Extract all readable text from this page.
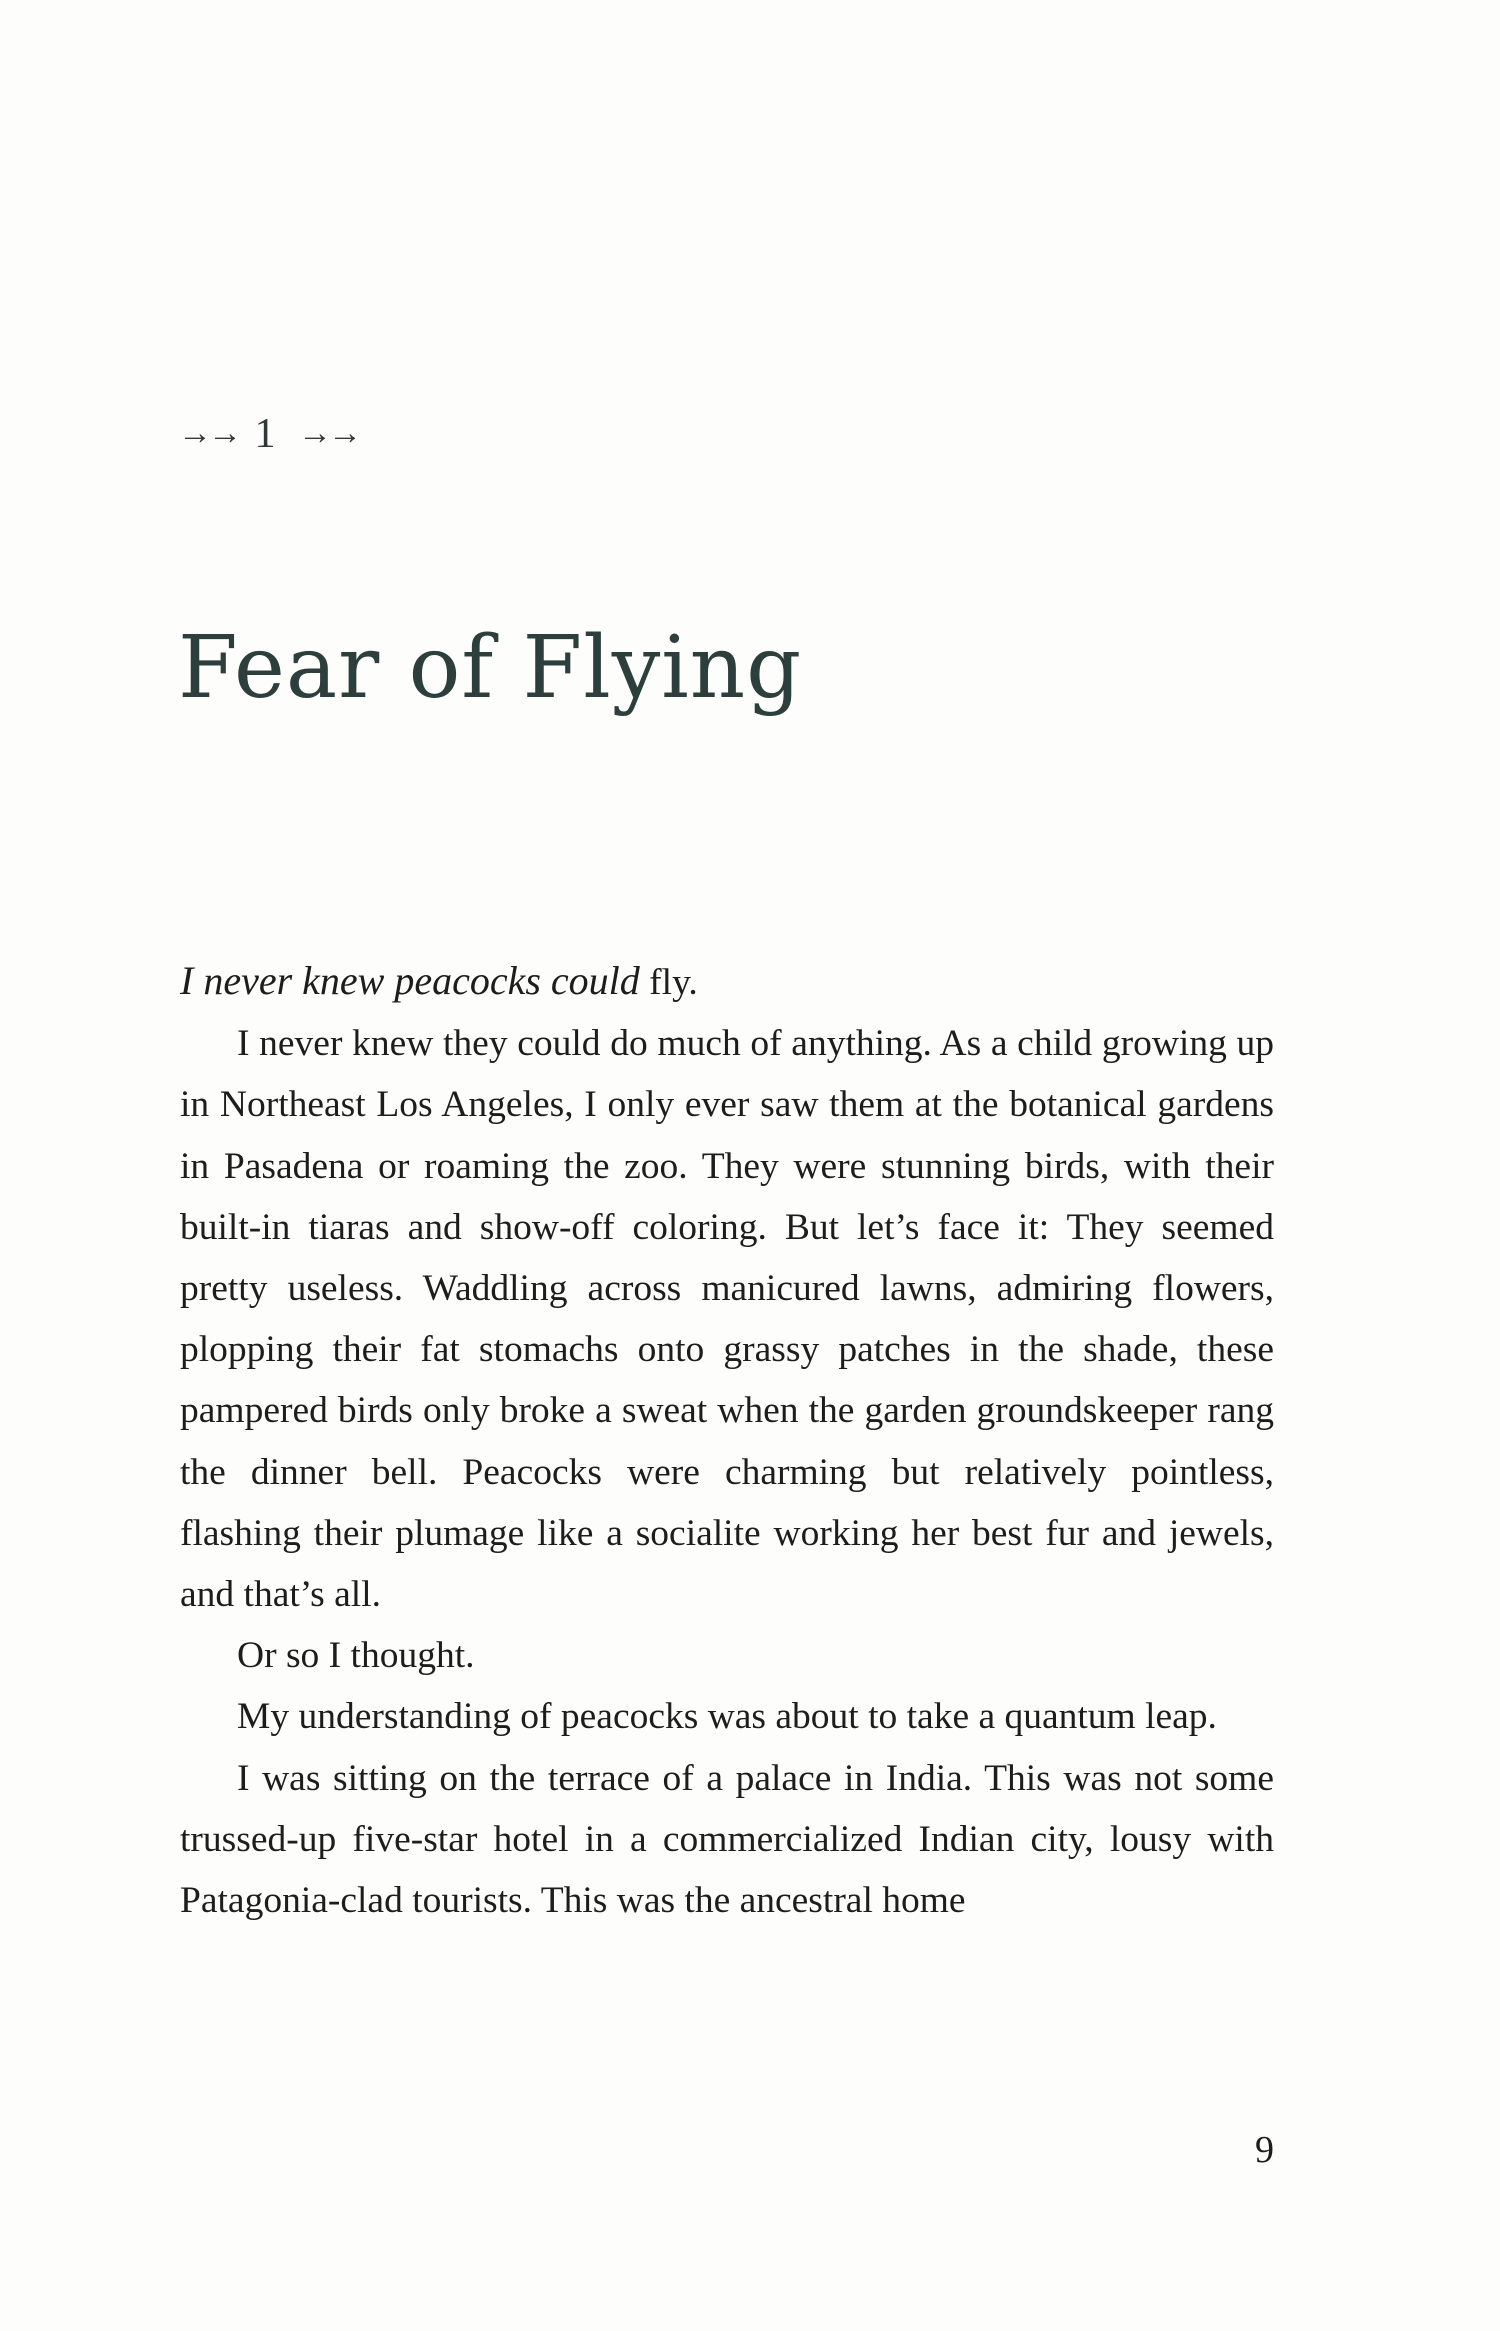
→→ 1 →→
Fear of Flying

I never knew peacocks could fly.

I never knew they could do much of anything. As a child growing up in Northeast Los Angeles, I only ever saw them at the botanical gardens in Pasadena or roaming the zoo. They were stunning birds, with their built-in tiaras and show-off coloring. But let’s face it: They seemed pretty useless. Waddling across manicured lawns, admiring flowers, plopping their fat stomachs onto grassy patches in the shade, these pampered birds only broke a sweat when the garden groundskeeper rang the dinner bell. Peacocks were charming but relatively pointless, flashing their plumage like a socialite working her best fur and jewels, and that’s all.

Or so I thought.

My understanding of peacocks was about to take a quantum leap.

I was sitting on the terrace of a palace in India. This was not some trussed-up five-star hotel in a commercialized Indian city, lousy with Patagonia-clad tourists. This was the ancestral home

9
